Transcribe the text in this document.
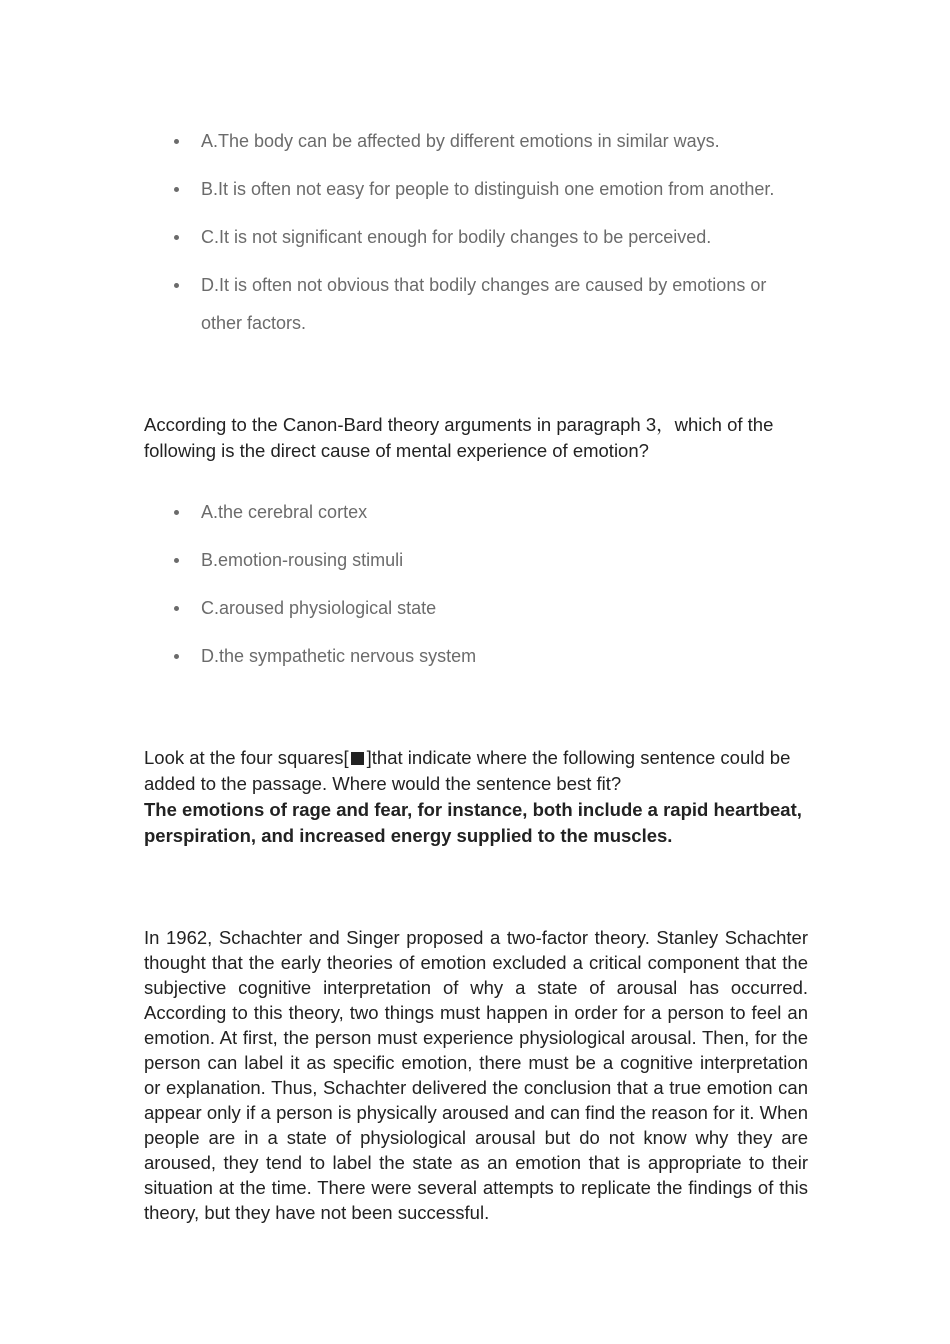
A.The body can be affected by different emotions in similar ways.
B.It is often not easy for people to distinguish one emotion from another.
C.It is not significant enough for bodily changes to be perceived.
D.It is often not obvious that bodily changes are caused by emotions or other factors.

According to the Canon-Bard theory arguments in paragraph 3，which of the following is the direct cause of mental experience of emotion?

A.the cerebral cortex
B.emotion-rousing stimuli
C.aroused physiological state
D.the sympathetic nervous system

Look at the four squares[ ]that indicate where the following sentence could be added to the passage. Where would the sentence best fit?

The emotions of rage and fear, for instance, both include a rapid heartbeat, perspiration, and increased energy supplied to the muscles.

In 1962, Schachter and Singer proposed a two-factor theory. Stanley Schachter thought that the early theories of emotion excluded a critical component that the subjective cognitive interpretation of why a state of arousal has occurred. According to this theory, two things must happen in order for a person to feel an emotion. At first, the person must experience physiological arousal. Then, for the person can label it as specific emotion, there must be a cognitive interpretation or explanation. Thus, Schachter delivered the conclusion that a true emotion can appear only if a person is physically aroused and can find the reason for it. When people are in a state of physiological arousal but do not know why they are aroused, they tend to label the state as an emotion that is appropriate to their situation at the time. There were several attempts to replicate the findings of this theory, but they have not been successful.
